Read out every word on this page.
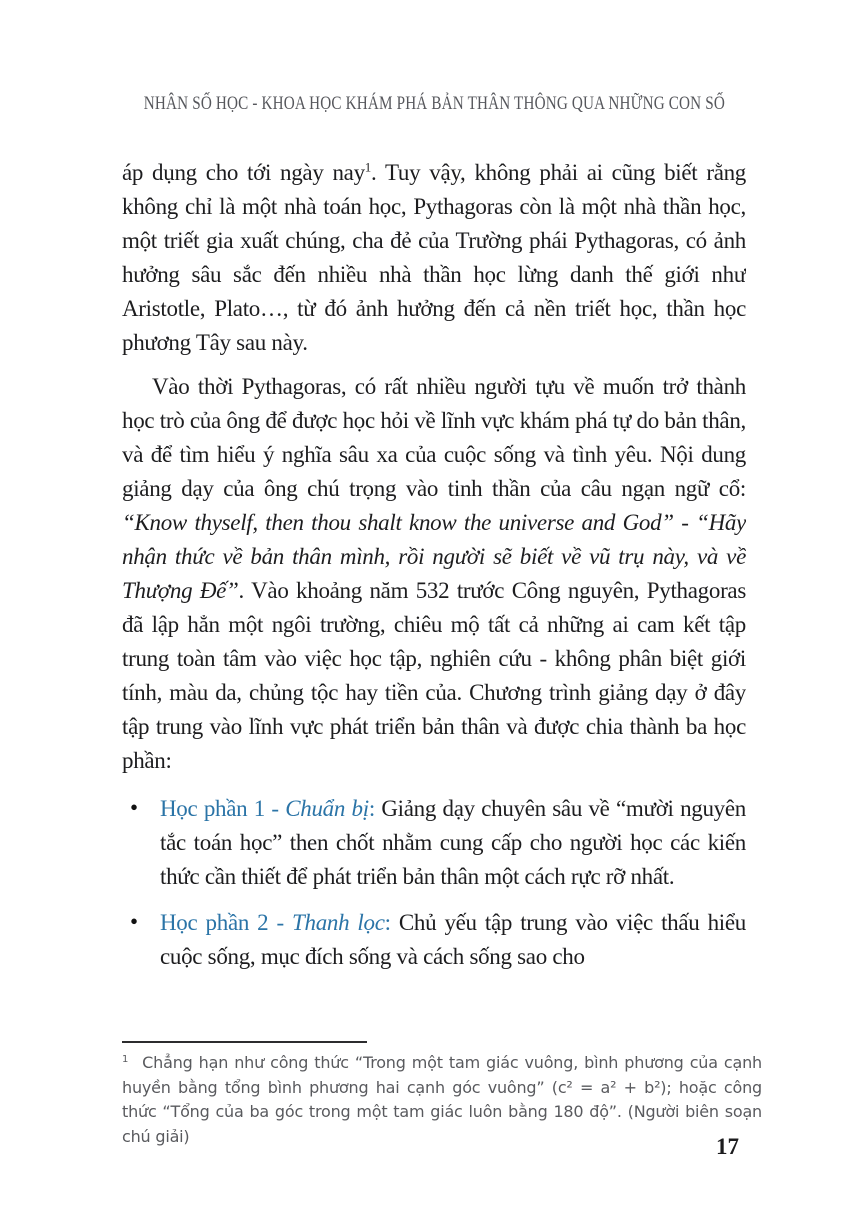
NHÂN SỐ HỌC - KHOA HỌC KHÁM PHÁ BẢN THÂN THÔNG QUA NHỮNG CON SỐ

áp dụng cho tới ngày nay$^1$. Tuy vậy, không phải ai cũng biết rằng không chỉ là một nhà toán học, Pythagoras còn là một nhà thần học, một triết gia xuất chúng, cha đẻ của Trường phái Pythagoras, có ảnh hưởng sâu sắc đến nhiều nhà thần học lừng danh thế giới như Aristotle, Plato…, từ đó ảnh hưởng đến cả nền triết học, thần học phương Tây sau này.

Vào thời Pythagoras, có rất nhiều người tựu về muốn trở thành học trò của ông để được học hỏi về lĩnh vực khám phá tự do bản thân, và để tìm hiểu ý nghĩa sâu xa của cuộc sống và tình yêu. Nội dung giảng dạy của ông chú trọng vào tinh thần của câu ngạn ngữ cổ: “Know thyself, then thou shalt know the universe and God” - “Hãy nhận thức về bản thân mình, rồi người sẽ biết về vũ trụ này, và về Thượng Đế”. Vào khoảng năm 532 trước Công nguyên, Pythagoras đã lập hẳn một ngôi trường, chiêu mộ tất cả những ai cam kết tập trung toàn tâm vào việc học tập, nghiên cứu - không phân biệt giới tính, màu da, chủng tộc hay tiền của. Chương trình giảng dạy ở đây tập trung vào lĩnh vực phát triển bản thân và được chia thành ba học phần:

• Học phần 1 - Chuẩn bị: Giảng dạy chuyên sâu về “mười nguyên tắc toán học” then chốt nhằm cung cấp cho người học các kiến thức cần thiết để phát triển bản thân một cách rực rỡ nhất.
• Học phần 2 - Thanh lọc: Chủ yếu tập trung vào việc thấu hiểu cuộc sống, mục đích sống và cách sống sao cho

$^1$ Chẳng hạn như công thức “Trong một tam giác vuông, bình phương của cạnh huyền bằng tổng bình phương hai cạnh góc vuông” (c² = a² + b²); hoặc công thức “Tổng của ba góc trong một tam giác luôn bằng 180 độ”. (Người biên soạn chú giải)	17
